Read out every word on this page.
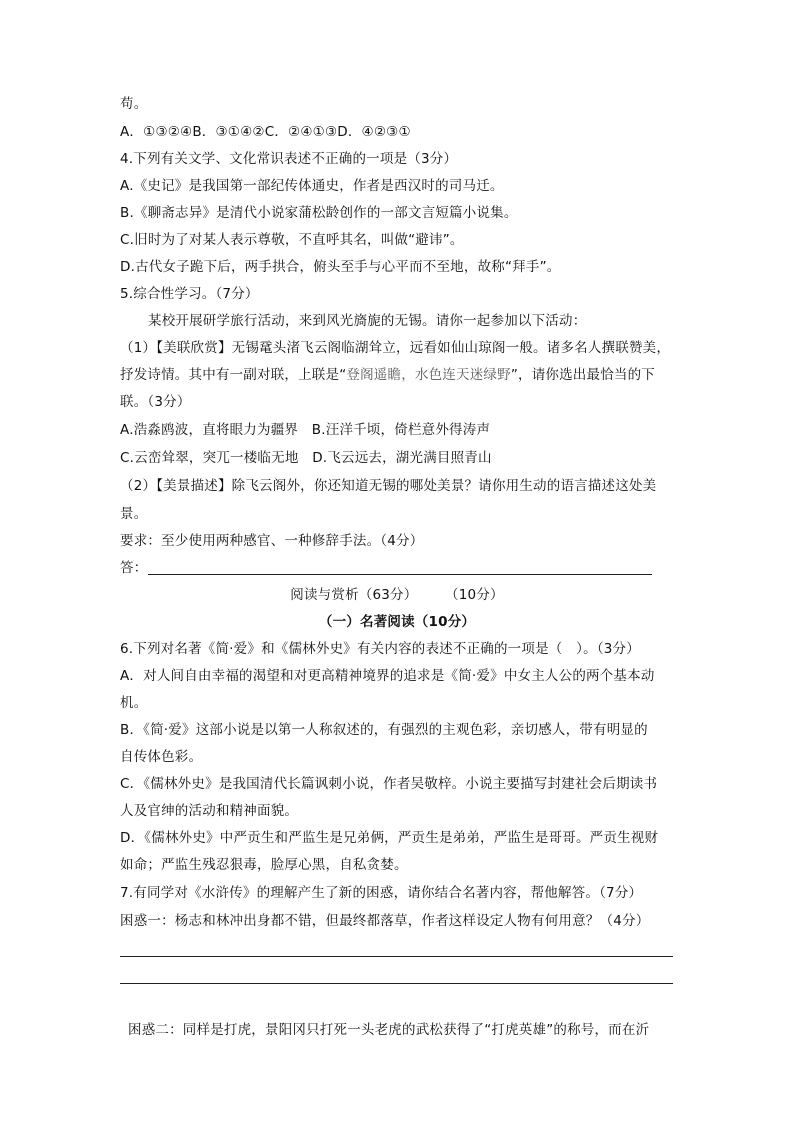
苟。
A．①③②④B．③①④②C．②④①③D．④②③①
4.下列有关文学、文化常识表述不正确的一项是（3分）
A.《史记》是我国第一部纪传体通史，作者是西汉时的司马迁。
B.《聊斋志异》是清代小说家蒲松龄创作的一部文言短篇小说集。
C.旧时为了对某人表示尊敬，不直呼其名，叫做“避讳”。
D.古代女子跪下后，两手拱合，俯头至手与心平而不至地，故称“拜手”。
5.综合性学习。（7分）
某校开展研学旅行活动，来到风光旖旎的无锡。请你一起参加以下活动：
（1）【美联欣赏】无锡鼋头渚飞云阁临湖耸立，远看如仙山琼阁一般。诸多名人撰联赞美，
抒发诗情。其中有一副对联，上联是“登阁遥瞻，水色连天迷绿野”，请你选出最恰当的下
联。（3分）
A.浩淼鸥波，直将眼力为疆界　B.汪洋千顷，倚栏意外得涛声
C.云峦耸翠，突兀一楼临无地　D.飞云远去，湖光满目照青山
（2）【美景描述】除飞云阁外，你还知道无锡的哪处美景？请你用生动的语言描述这处美
景。
要求：至少使用两种感官、一种修辞手法。（4分）
答：
阅读与赏析（63分）　　　（10分）
（一）名著阅读（10分）
6.下列对名著《简·爱》和《儒林外史》有关内容的表述不正确的一项是（　）。（3分）
A．对人间自由幸福的渴望和对更高精神境界的追求是《简·爱》中女主人公的两个基本动
机。
B．《简·爱》这部小说是以第一人称叙述的，有强烈的主观色彩，亲切感人，带有明显的
自传体色彩。
C．《儒林外史》是我国清代长篇讽刺小说，作者吴敬梓。小说主要描写封建社会后期读书
人及官绅的活动和精神面貌。
D．《儒林外史》中严贡生和严监生是兄弟俩，严贡生是弟弟，严监生是哥哥。严贡生视财
如命；严监生残忍狠毒，脸厚心黑，自私贪婪。
7.有同学对《水浒传》的理解产生了新的困惑，请你结合名著内容，帮他解答。（7分）
困惑一：杨志和林冲出身都不错，但最终都落草，作者这样设定人物有何用意？（4分）
困惑二：同样是打虎，景阳冈只打死一头老虎的武松获得了“打虎英雄”的称号，而在沂
